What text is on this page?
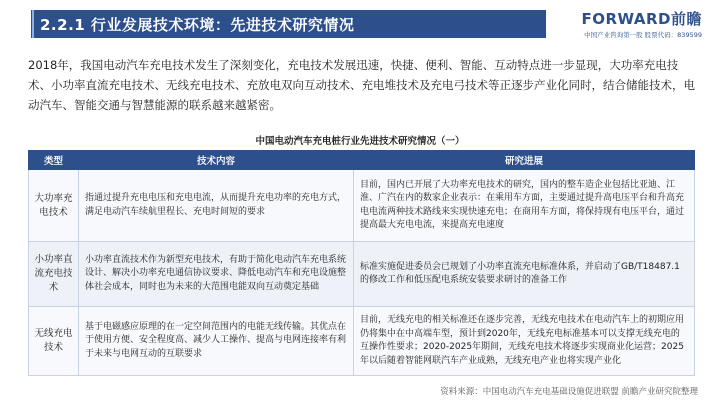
2.2.1 行业发展技术环境：先进技术研究情况	FORWARD前瞻
中国产业咨询第一股 股票代码：839599

2018年，我国电动汽车充电技术发生了深刻变化，充电技术发展迅速，快捷、便利、智能、互动特点进一步显现，大功率充电技术、小功率直流充电技术、无线充电技术、充放电双向互动技术、充电堆技术及充电弓技术等正逐步产业化同时，结合储能技术，电动汽车、智能交通与智慧能源的联系越来越紧密。

中国电动汽车充电桩行业先进技术研究情况（一）
类型	技术内容	研究进展
大功率充电技术	指通过提升充电电压和充电电流，从而提升充电功率的充电方式，满足电动汽车续航里程长、充电时间短的要求	目前，国内已开展了大功率充电技术的研究，国内的整车造企业包括比亚迪、江淮、广汽在内的数家企业表示：在乘用车方面，主要通过提升高电压平台和升高充电电流两种技术路线来实现快速充电；在商用车方面，将保持现有电压平台，通过提高最大充电电流，来提高充电速度
小功率直流充电技术	小功率直流技术作为新型充电技术，有助于简化电动汽车充电系统设计、解决小功率充电通信协议要求、降低电动汽车和充电设施整体社会成本，同时也为未来的大范围电能双向互动奠定基础	标准实施促进委员会已规划了小功率直流充电标准体系，并启动了GB/T18487.1的修改工作和低压配电系统安装要求研讨的准备工作
无线充电技术	基于电磁感应原理的在一定空间范围内的电能无线传输。其优点在于使用方便、安全程度高、减少人工操作、提高与电网连接率有利于未来与电网互动的互联要求	目前，无线充电的相关标准还在逐步完善，无线充电技术在电动汽车上的初期应用仍将集中在中高端车型，预计到2020年，无线充电标准基本可以支撑无线充电的互操作性要求；2020-2025年期间，无线充电技术将逐步实现商业化运营；2025年以后随着智能网联汽车产业成熟，无线充电产业也将实现产业化
资料来源：中国电动汽车充电基础设施促进联盟 前瞻产业研究院整理
